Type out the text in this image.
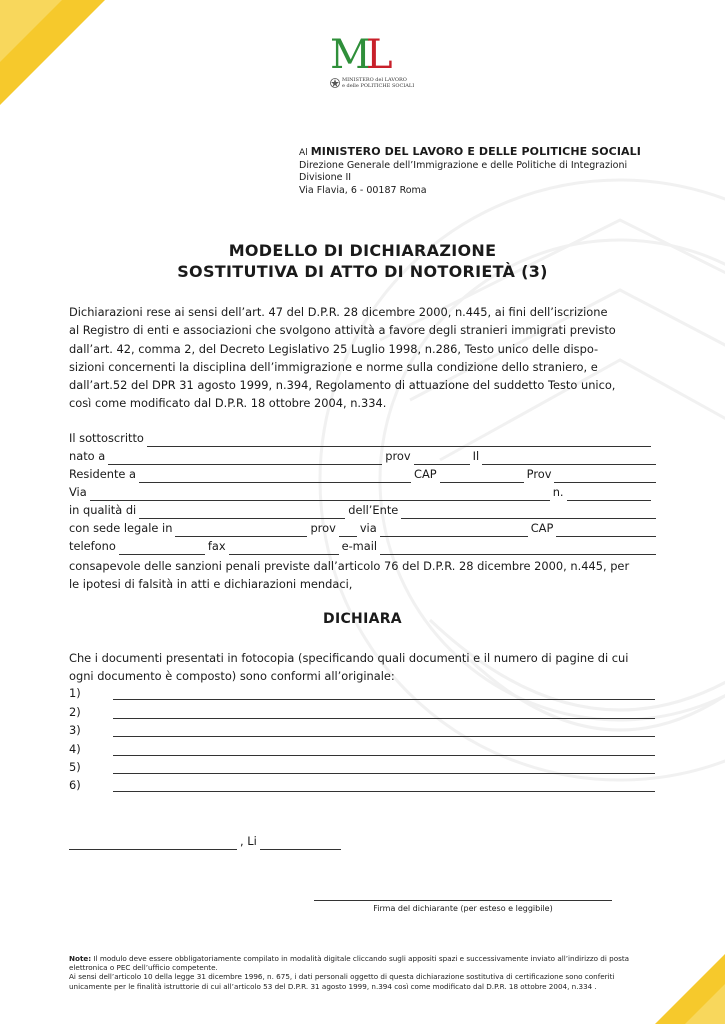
M
L
MINISTERO del LAVORO
e delle POLITICHE SOCIALI
Al MINISTERO DEL LAVORO E DELLE POLITICHE SOCIALI
Direzione Generale dell’Immigrazione e delle Politiche di Integrazioni
Divisione II
Via Flavia, 6 - 00187 Roma
MODELLO DI DICHIARAZIONE
SOSTITUTIVA DI ATTO DI NOTORIETÀ (3)
Dichiarazioni rese ai sensi dell’art. 47 del D.P.R. 28 dicembre 2000, n.445, ai fini dell’iscrizione
al Registro di enti e associazioni che svolgono attività a favore degli stranieri immigrati previsto
dall’art. 42, comma 2, del Decreto Legislativo 25 Luglio 1998, n.286, Testo unico delle dispo-
sizioni concernenti la disciplina dell’immigrazione e norme sulla condizione dello straniero, e
dall’art.52 del DPR 31 agosto 1999, n.394, Regolamento di attuazione del suddetto Testo unico,
così come modificato dal D.P.R. 18 ottobre 2004, n.334.
Il sottoscritto
nato a	prov	Il
Residente a	CAP	Prov
Via	n.
in qualità di	dell’Ente
con sede legale in	prov via	CAP
telefono	fax	e-mail
consapevole delle sanzioni penali previste dall’articolo 76 del D.P.R. 28 dicembre 2000, n.445, per
le ipotesi di falsità in atti e dichiarazioni mendaci,
DICHIARA
Che i documenti presentati in fotocopia (specificando quali documenti e il numero di pagine di cui
ogni documento è composto) sono conformi all’originale:
1)
2)
3)
4)
5)
6)
, Li
Firma del dichiarante (per esteso e leggibile)
Note: Il modulo deve essere obbligatoriamente compilato in modalità digitale cliccando sugli appositi spazi e successivamente inviato all’indirizzo di posta elettronica o PEC dell’ufficio competente.
Ai sensi dell’articolo 10 della legge 31 dicembre 1996, n. 675, i dati personali oggetto di questa dichiarazione sostitutiva di certificazione sono conferiti unicamente per le finalità istruttorie di cui all’articolo 53 del D.P.R. 31 agosto 1999, n.394 così come modificato dal D.P.R. 18 ottobre 2004, n.334 .
